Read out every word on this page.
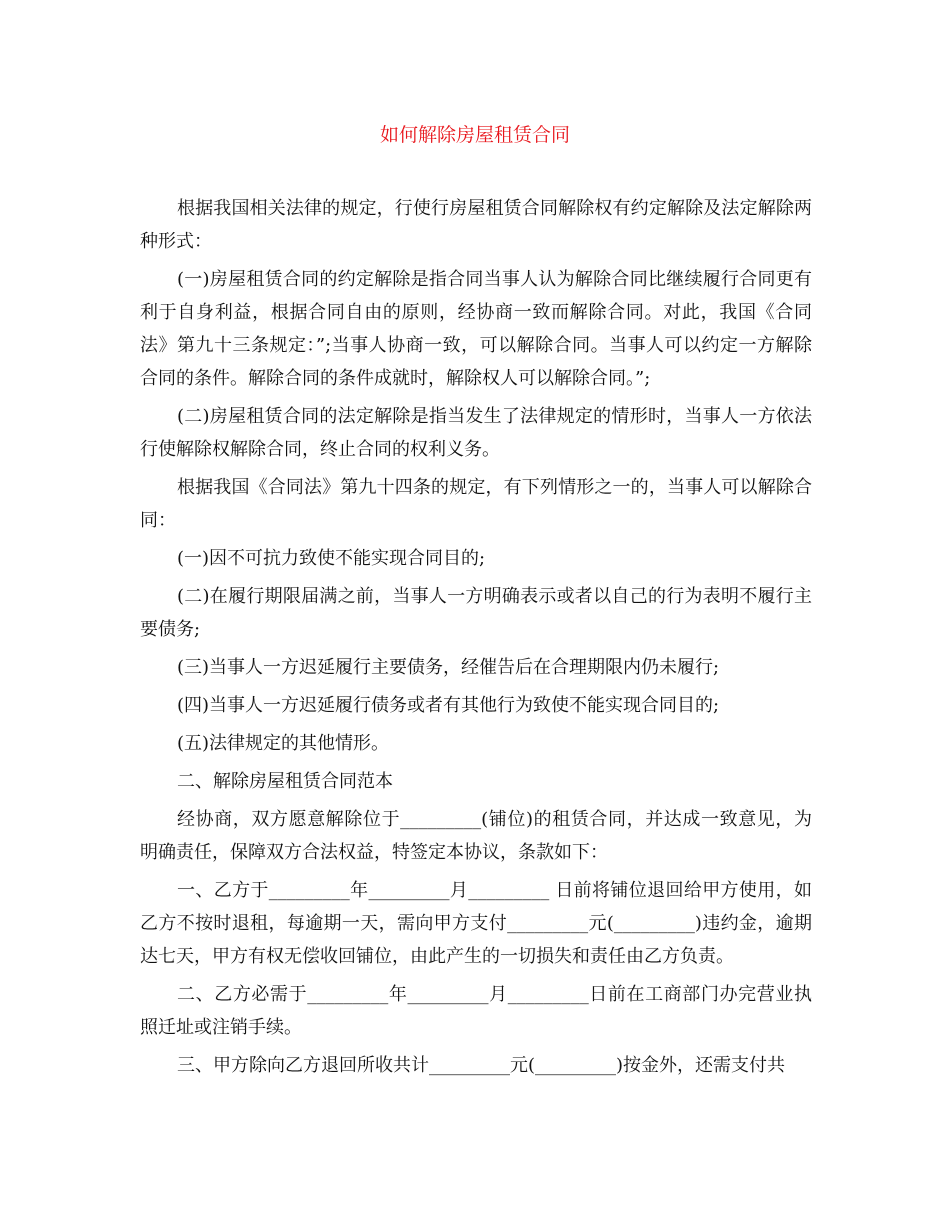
如何解除房屋租赁合同

根据我国相关法律的规定，行使行房屋租赁合同解除权有约定解除及法定解除两种形式：

(一)房屋租赁合同的约定解除是指合同当事人认为解除合同比继续履行合同更有利于自身利益，根据合同自由的原则，经协商一致而解除合同。对此，我国《合同法》第九十三条规定：”;当事人协商一致，可以解除合同。当事人可以约定一方解除合同的条件。解除合同的条件成就时，解除权人可以解除合同。”;

(二)房屋租赁合同的法定解除是指当发生了法律规定的情形时，当事人一方依法行使解除权解除合同，终止合同的权利义务。

根据我国《合同法》第九十四条的规定，有下列情形之一的，当事人可以解除合同：

(一)因不可抗力致使不能实现合同目的;

(二)在履行期限届满之前，当事人一方明确表示或者以自己的行为表明不履行主要债务;

(三)当事人一方迟延履行主要债务，经催告后在合理期限内仍未履行;

(四)当事人一方迟延履行债务或者有其他行为致使不能实现合同目的;

(五)法律规定的其他情形。

二、解除房屋租赁合同范本

经协商，双方愿意解除位于_________(铺位)的租赁合同，并达成一致意见，为明确责任，保障双方合法权益，特签定本协议，条款如下：

一、乙方于_________年_________月_________ 日前将铺位退回给甲方使用，如乙方不按时退租，每逾期一天，需向甲方支付_________元(_________)违约金，逾期达七天，甲方有权无偿收回铺位，由此产生的一切损失和责任由乙方负责。

二、乙方必需于_________年_________月_________日前在工商部门办完营业执照迁址或注销手续。

三、甲方除向乙方退回所收共计_________元(_________)按金外，还需支付共
